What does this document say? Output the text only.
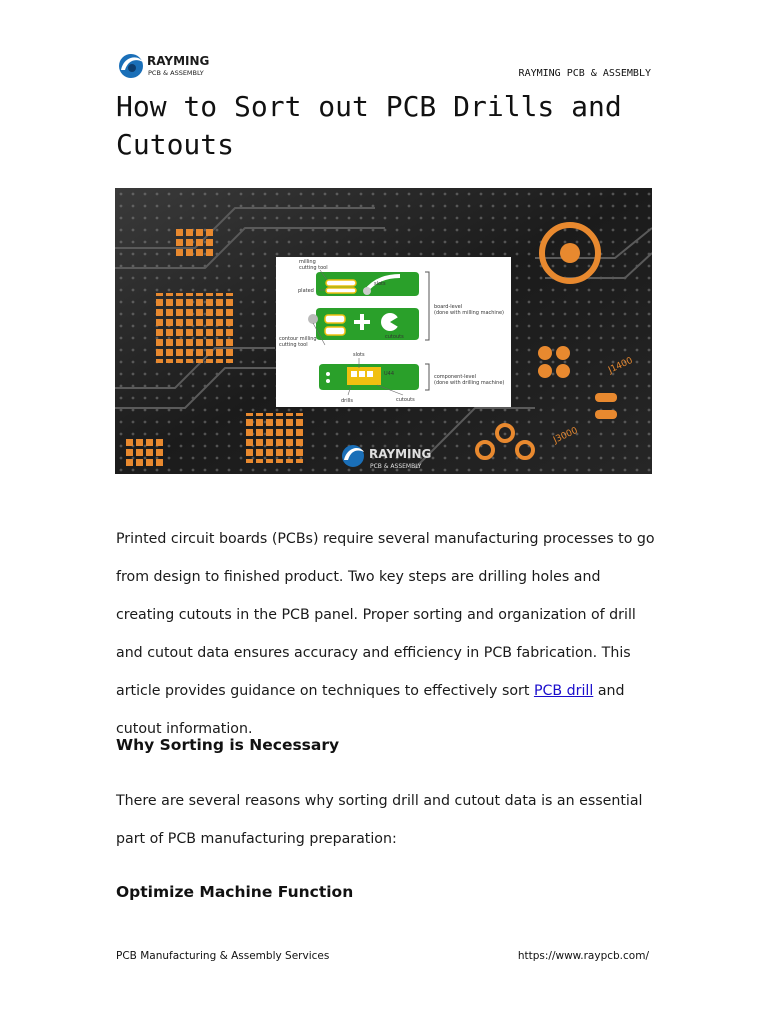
RAYMING
PCB & ASSEMBLY	RAYMING PCB & ASSEMBLY
How to Sort out PCB Drills and Cutouts
J1400
J3000
milling cutting tool
plated
slots
board-level (done with milling machine)
contour milling cutting tool
cutouts
slots
U44	component-level (done with drilling machine)
drills	cutouts
RAYMING
PCB & ASSEMBLY

Printed circuit boards (PCBs) require several manufacturing processes to go from design to finished product. Two key steps are drilling holes and creating cutouts in the PCB panel. Proper sorting and organization of drill and cutout data ensures accuracy and efficiency in PCB fabrication. This article provides guidance on techniques to effectively sort PCB drill and cutout information.

Why Sorting is Necessary

There are several reasons why sorting drill and cutout data is an essential part of PCB manufacturing preparation:

Optimize Machine Function
PCB Manufacturing & Assembly Services	https://www.raypcb.com/
